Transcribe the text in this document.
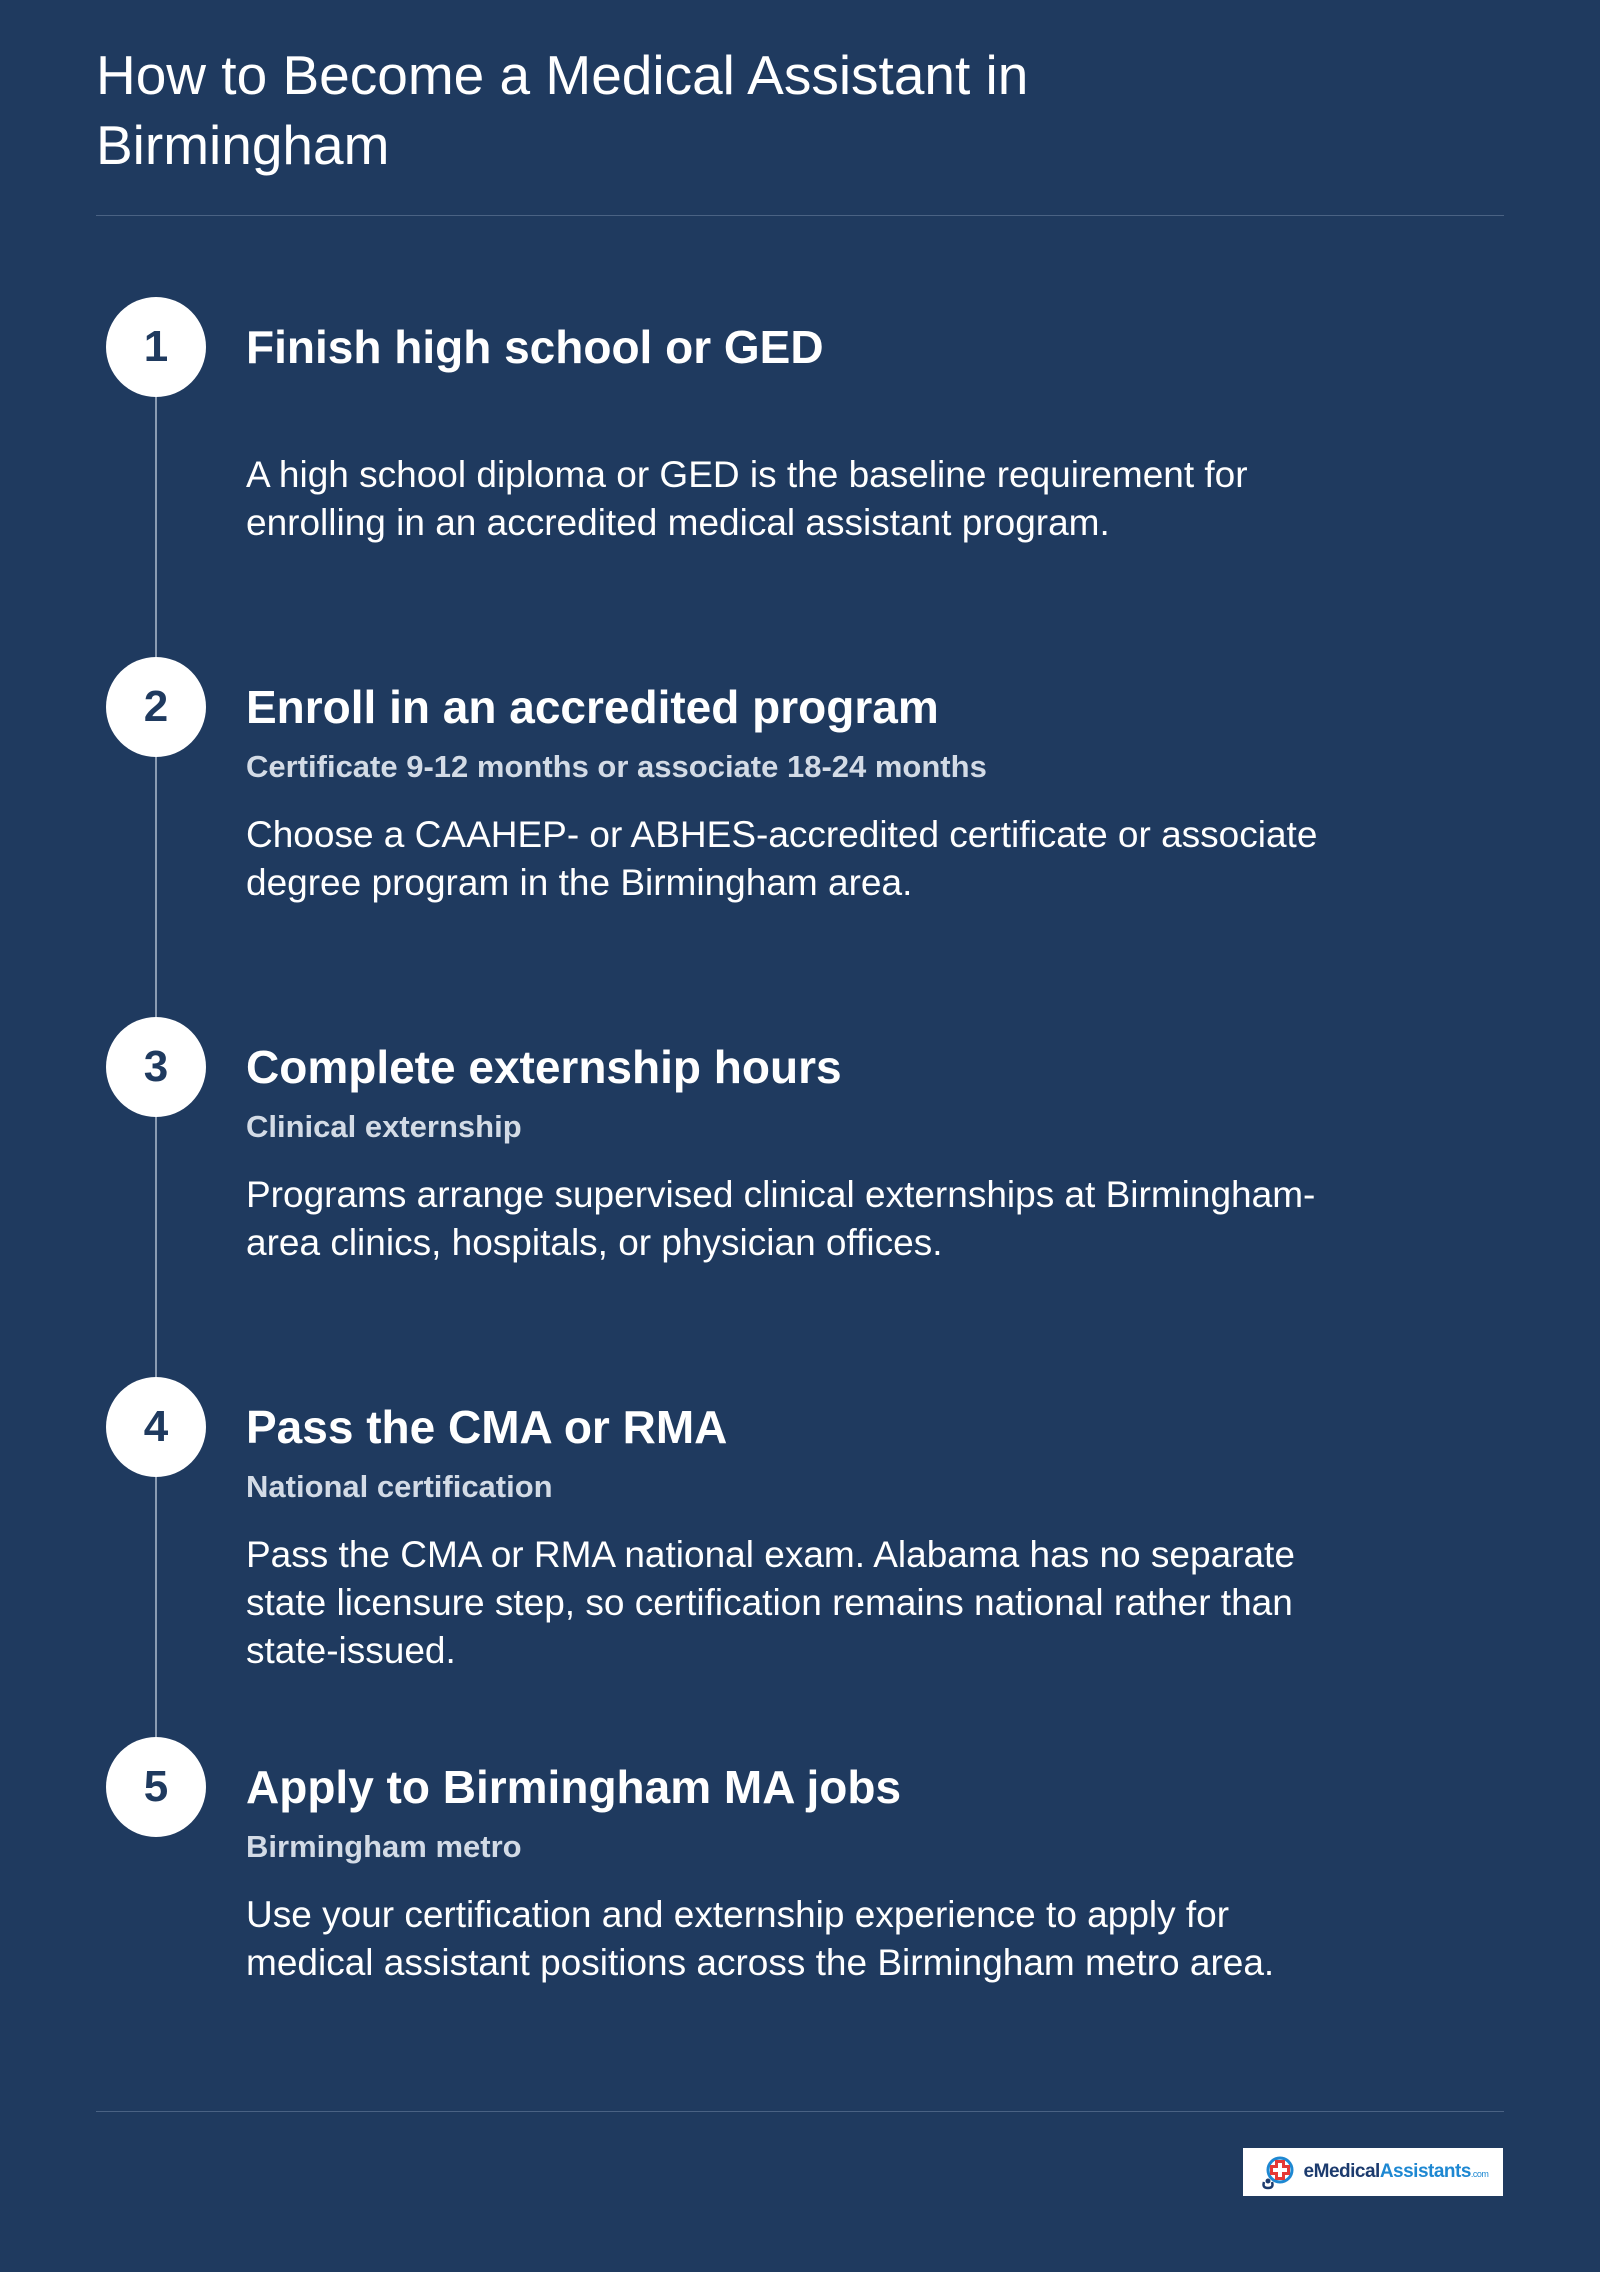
How to Become a Medical Assistant in Birmingham
1	Finish high school or GED
A high school diploma or GED is the baseline requirement for enrolling in an accredited medical assistant program.
2	Enroll in an accredited program
Certificate 9-12 months or associate 18-24 months
Choose a CAAHEP- or ABHES-accredited certificate or associate degree program in the Birmingham area.
3	Complete externship hours
Clinical externship
Programs arrange supervised clinical externships at Birmingham-area clinics, hospitals, or physician offices.
4	Pass the CMA or RMA
National certification
Pass the CMA or RMA national exam. Alabama has no separate state licensure step, so certification remains national rather than state-issued.
5	Apply to Birmingham MA jobs
Birmingham metro
Use your certification and externship experience to apply for medical assistant positions across the Birmingham metro area.
eMedicalAssistants.com
